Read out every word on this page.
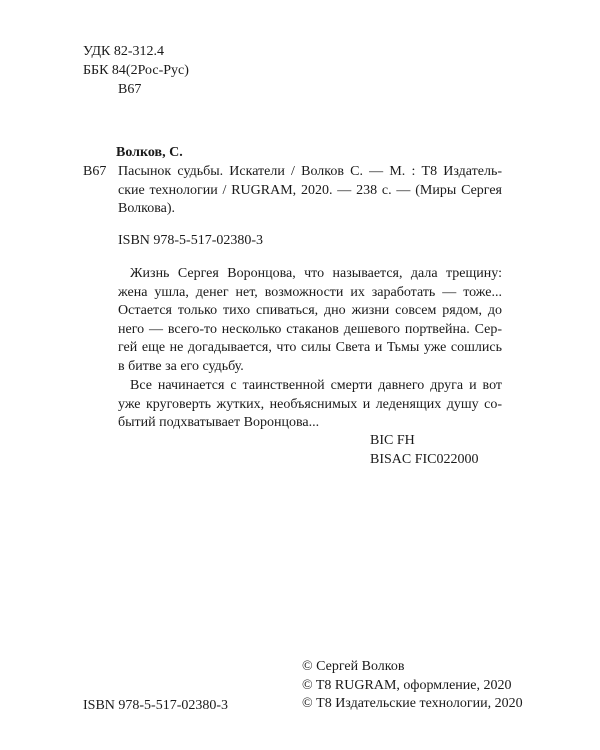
УДК 82-312.4
ББК 84(2Рос-Рус)
В67
Волков, С.
В67 Пасынок судьбы. Искатели / Волков С. — М. : Т8 Издатель-
ские технологии / RUGRAM, 2020. — 238 с. — (Миры Сергея
Волкова).
ISBN 978-5-517-02380-3
Жизнь Сергея Воронцова, что называется, дала трещину:
жена ушла, денег нет, возможности их заработать — тоже...
Остается только тихо спиваться, дно жизни совсем рядом, до
него — всего-то несколько стаканов дешевого портвейна. Сер-
гей еще не догадывается, что силы Света и Тьмы уже сошлись
в битве за его судьбу.
Все начинается с таинственной смерти давнего друга и вот
уже круговерть жутких, необъяснимых и леденящих душу со-
бытий подхватывает Воронцова...
BIC FH
BISAC FIC022000
ISBN 978-5-517-02380-3
© Сергей Волков
© T8 RUGRAM, оформление, 2020
© Т8 Издательские технологии, 2020
